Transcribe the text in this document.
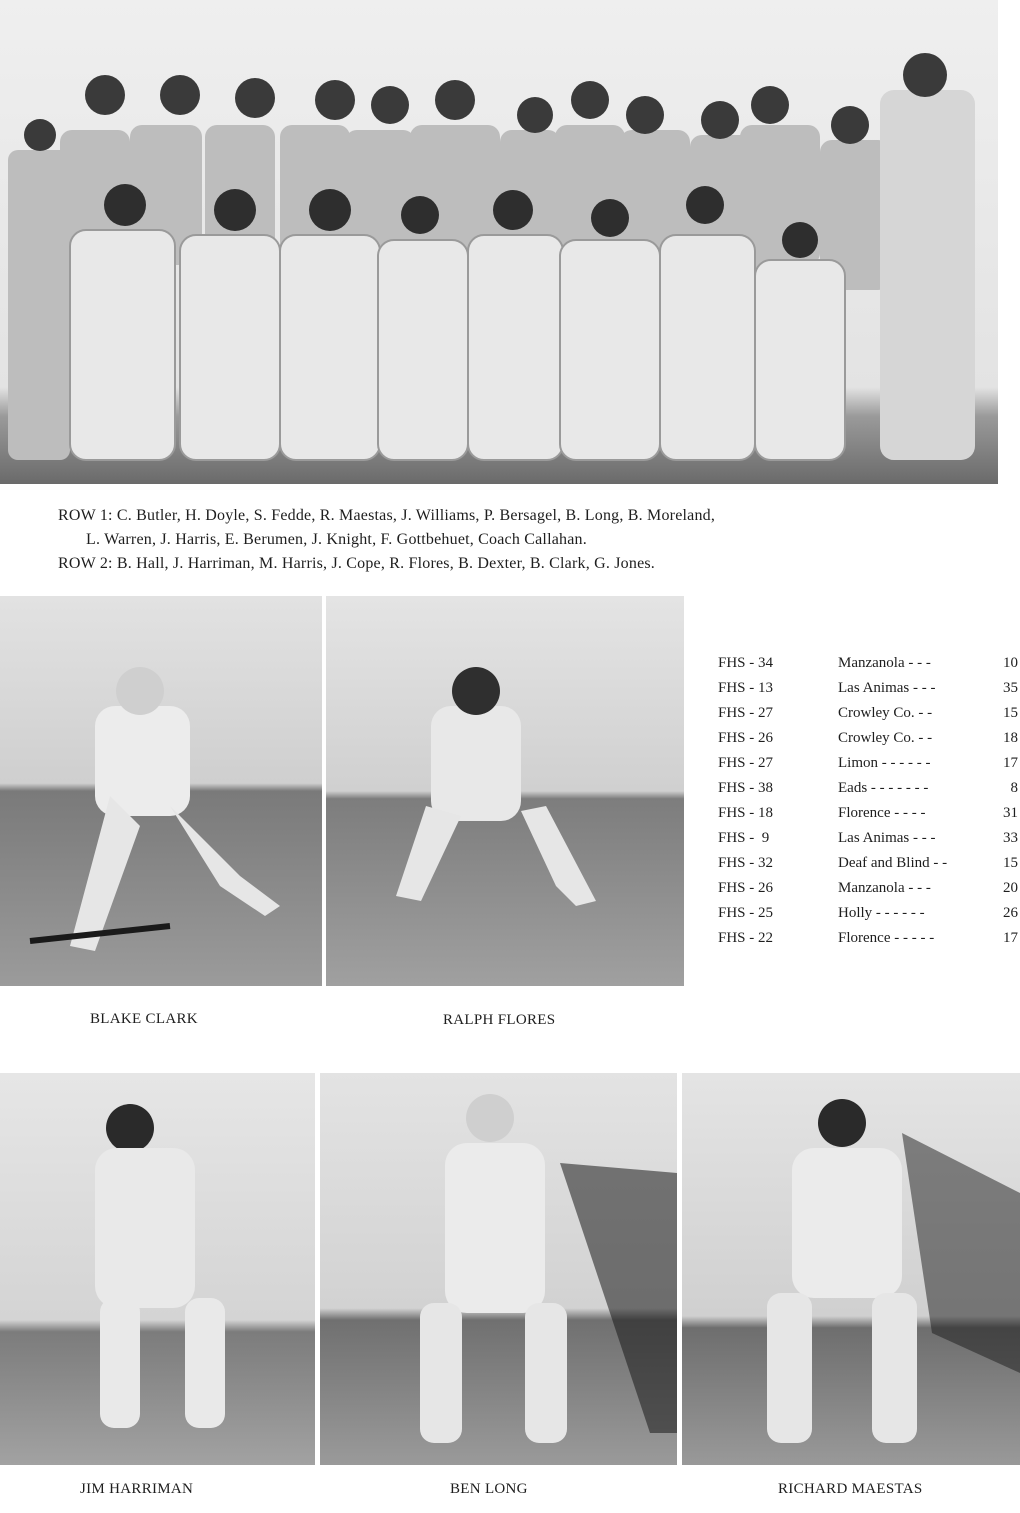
ROW 1: C. Butler, H. Doyle, S. Fedde, R. Maestas, J. Williams, P. Bersagel, B. Long, B. Moreland,
L. Warren, J. Harris, E. Berumen, J. Knight, F. Gottbehuet, Coach Callahan.
ROW 2: B. Hall, J. Harriman, M. Harris, J. Cope, R. Flores, B. Dexter, B. Clark, G. Jones.
FHS - 34	Manzanola - - -	10
FHS - 13	Las Animas - - -	35
FHS - 27	Crowley Co. - -	15
FHS - 26	Crowley Co. - -	18
FHS - 27	Limon - - - - - -	17
FHS - 38	Eads - - - - - - -	8
FHS - 18	Florence - - - -	31
FHS -  9	Las Animas - - -	33
FHS - 32	Deaf and Blind - -	15
FHS - 26	Manzanola - - -	20
FHS - 25	Holly - - - - - -	26
FHS - 22	Florence - - - - -	17
BLAKE CLARK	RALPH FLORES
JIM HARRIMAN	BEN LONG	RICHARD MAESTAS
